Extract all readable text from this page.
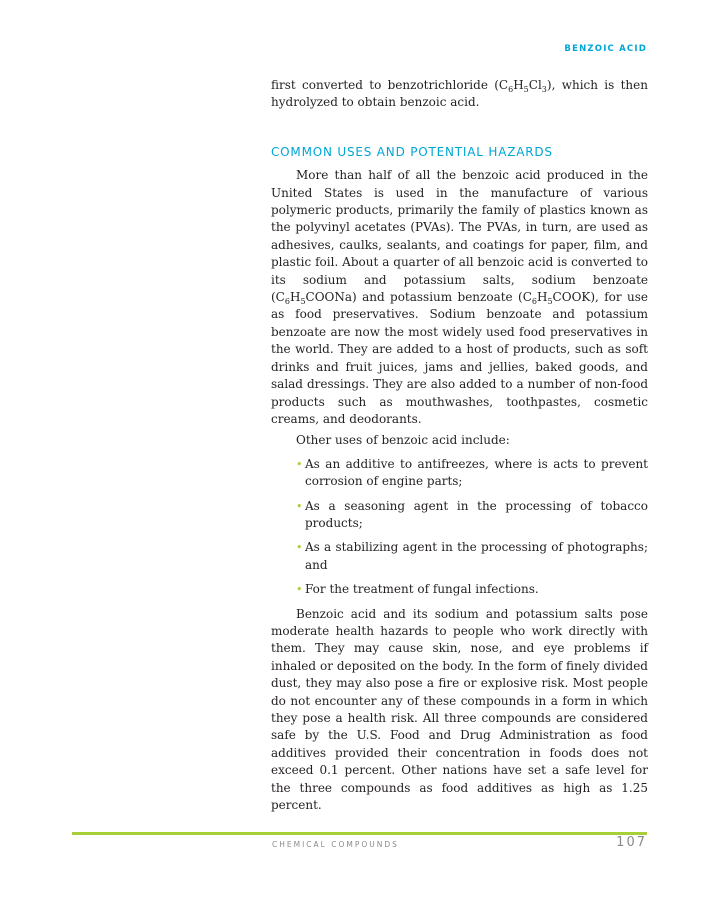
BENZOIC ACID

first converted to benzotrichloride $(C_6H_5Cl_3)$, which is then hydrolyzed to obtain benzoic acid.

COMMON USES AND POTENTIAL HAZARDS

More than half of all the benzoic acid produced in the United States is used in the manufacture of various polymeric products, primarily the family of plastics known as the polyvinyl acetates (PVAs). The PVAs, in turn, are used as adhesives, caulks, sealants, and coatings for paper, film, and plastic foil. About a quarter of all benzoic acid is converted to its sodium and potassium salts, sodium benzoate $(C_6H_5COONa)$ and potassium benzoate $(C_6H_5COOK)$, for use as food preservatives. Sodium benzoate and potassium benzoate are now the most widely used food preservatives in the world. They are added to a host of products, such as soft drinks and fruit juices, jams and jellies, baked goods, and salad dressings. They are also added to a number of non-food products such as mouthwashes, toothpastes, cosmetic creams, and deodorants.

Other uses of benzoic acid include:

• As an additive to antifreezes, where is acts to prevent corrosion of engine parts;
• As a seasoning agent in the processing of tobacco products;
• As a stabilizing agent in the processing of photographs; and
• For the treatment of fungal infections.

Benzoic acid and its sodium and potassium salts pose moderate health hazards to people who work directly with them. They may cause skin, nose, and eye problems if inhaled or deposited on the body. In the form of finely divided dust, they may also pose a fire or explosive risk. Most people do not encounter any of these compounds in a form in which they pose a health risk. All three compounds are considered safe by the U.S. Food and Drug Administration as food additives provided their concentration in foods does not exceed 0.1 percent. Other nations have set a safe level for the three compounds as food additives as high as 1.25 percent.

CHEMICAL COMPOUNDS	107
